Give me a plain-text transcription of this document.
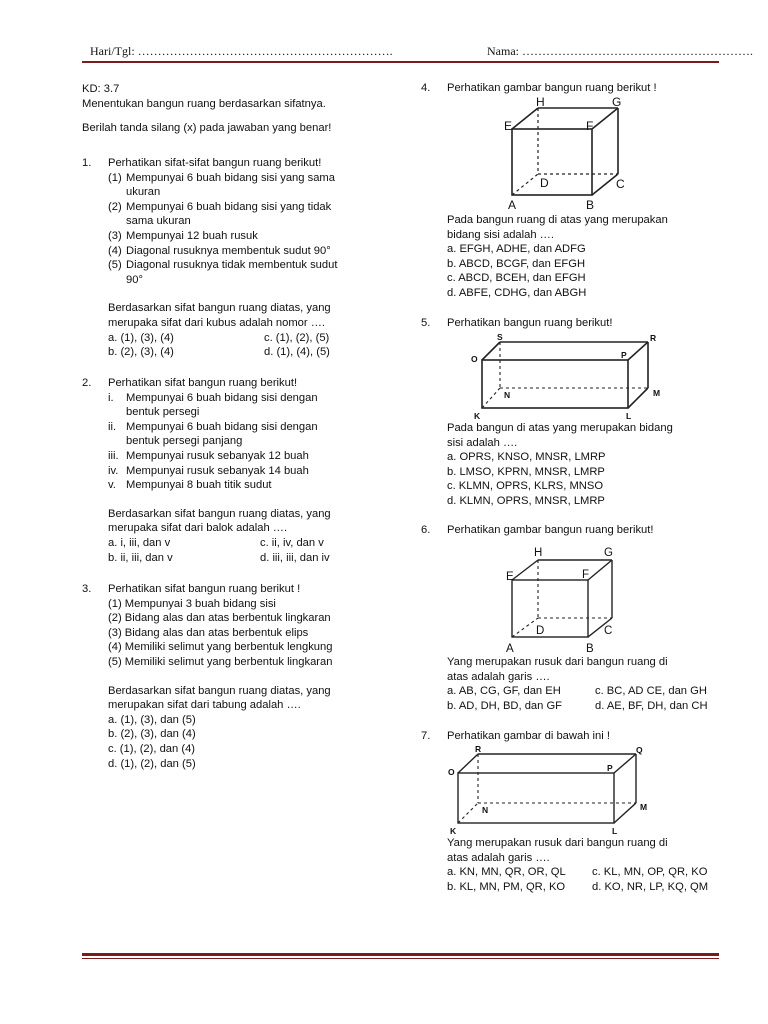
Hari/Tgl: ……………………………………………………….	Nama: ………………………………………………….
KD: 3.7
Menentukan bangun ruang berdasarkan sifatnya.
Berilah tanda silang (x) pada jawaban yang benar!
1.	Perhatikan sifat-sifat bangun ruang berikut!
(1) Mempunyai 6 buah bidang sisi yang sama
ukuran
(2) Mempunyai 6 buah bidang sisi yang tidak
sama ukuran
(3) Mempunyai 12 buah rusuk
(4) Diagonal rusuknya membentuk sudut 90°
(5) Diagonal rusuknya tidak membentuk sudut
90°
Berdasarkan sifat bangun ruang diatas, yang
merupaka sifat dari kubus adalah nomor ….
a. (1), (3), (4)	c. (1), (2), (5)
b. (2), (3), (4)	d. (1), (4), (5)
2.	Perhatikan sifat bangun ruang berikut!
i. Mempunyai 6 buah bidang sisi dengan
bentuk persegi
ii. Mempunyai 6 buah bidang sisi dengan
bentuk persegi panjang
iii. Mempunyai rusuk sebanyak 12 buah
iv. Mempunyai rusuk sebanyak 14 buah
v. Mempunyai 8 buah titik sudut
Berdasarkan sifat bangun ruang diatas, yang
merupaka sifat dari balok adalah ….
a. i, iii, dan v	c. ii, iv, dan v
b. ii, iii, dan v	d. iii, iii, dan iv
3.	Perhatikan sifat bangun ruang berikut !
(1) Mempunyai 3 buah bidang sisi
(2) Bidang alas dan atas berbentuk lingkaran
(3) Bidang alas dan atas berbentuk elips
(4) Memiliki selimut yang berbentuk lengkung
(5) Memiliki selimut yang berbentuk lingkaran
Berdasarkan sifat bangun ruang diatas, yang
merupakan sifat dari tabung adalah ….
a. (1), (3), dan (5)
b. (2), (3), dan (4)
c. (1), (2), dan (4)
d. (1), (2), dan (5)
4.	Perhatikan gambar bangun ruang berikut !
H	G
E	F
D	C
A	B
Pada bangun ruang di atas yang merupakan
bidang sisi adalah ….
a. EFGH, ADHE, dan ADFG
b. ABCD, BCGF, dan EFGH
c. ABCD, BCEH, dan EFGH
d. ABFE, CDHG, dan ABGH
5.	Perhatikan bangun ruang berikut!
S	R
O	P
N	M
K	L
Pada bangun di atas yang merupakan bidang
sisi adalah ….
a. OPRS, KNSO, MNSR, LMRP
b. LMSO, KPRN, MNSR, LMRP
c. KLMN, OPRS, KLRS, MNSO
d. KLMN, OPRS, MNSR, LMRP
6.	Perhatikan gambar bangun ruang berikut!
H	G
E	F
D	C
A	B
Yang merupakan rusuk dari bangun ruang di
atas adalah garis ….
a. AB, CG, GF, dan EH	c. BC, AD CE, dan GH
b. AD, DH, BD, dan GF	d. AE, BF, DH, dan CH
7.	Perhatikan gambar di bawah ini !
R	Q
O	P
N	M
K	L
Yang merupakan rusuk dari bangun ruang di
atas adalah garis ….
a. KN, MN, QR, OR, QL	c. KL, MN, OP, QR, KO
b. KL, MN, PM, QR, KO	d. KO, NR, LP, KQ, QM
